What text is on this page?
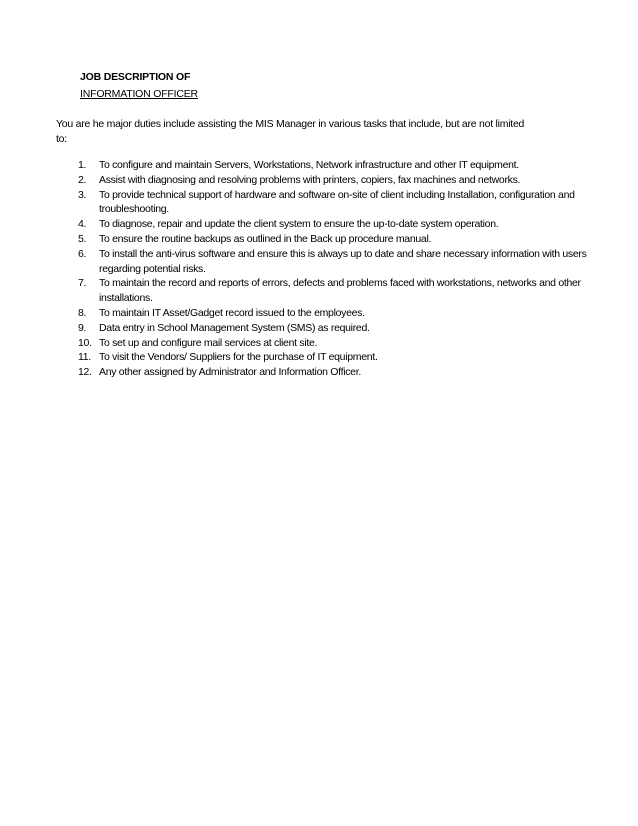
JOB DESCRIPTION OF
INFORMATION OFFICER

You are he major duties include assisting the MIS Manager in various tasks that include, but are not limited to:

1.	To configure and maintain Servers, Workstations, Network infrastructure and other IT equipment.
2.	Assist with diagnosing and resolving problems with printers, copiers, fax machines and networks.
3.	To provide technical support of hardware and software on-site of client including Installation, configuration and troubleshooting.
4.	To diagnose, repair and update the client system to ensure the up-to-date system operation.
5.	To ensure the routine backups as outlined in the Back up procedure manual.
6.	To install the anti-virus software and ensure this is always up to date and share necessary information with users regarding potential risks.
7.	To maintain the record and reports of errors, defects and problems faced with workstations, networks and other installations.
8.	To maintain IT Asset/Gadget record issued to the employees.
9.	Data entry in School Management System (SMS) as required.
10. To set up and configure mail services at client site.
11. To visit the Vendors/ Suppliers for the purchase of IT equipment.
12. Any other assigned by Administrator and Information Officer.
